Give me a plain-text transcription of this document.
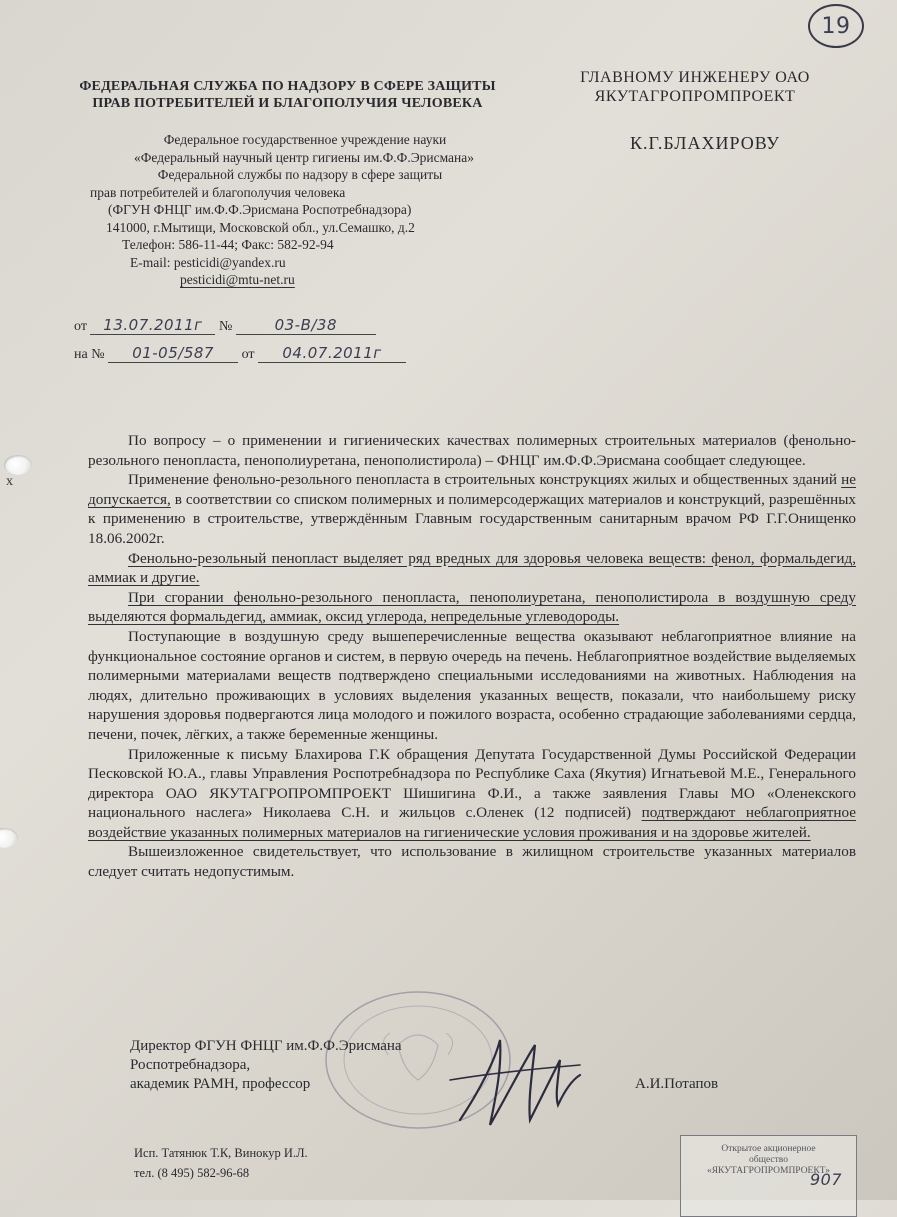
19
x
ФЕДЕРАЛЬНАЯ СЛУЖБА ПО НАДЗОРУ В СФЕРЕ ЗАЩИТЫ
ПРАВ ПОТРЕБИТЕЛЕЙ И БЛАГОПОЛУЧИЯ ЧЕЛОВЕКА
Федеральное государственное учреждение науки
«Федеральный научный центр гигиены им.Ф.Ф.Эрисмана»
Федеральной службы по надзору в сфере защиты
прав потребителей и благополучия человека
(ФГУН ФНЦГ им.Ф.Ф.Эрисмана Роспотребнадзора)
141000, г.Мытищи, Московской обл., ул.Семашко, д.2
Телефон: 586-11-44; Факс: 582-92-94
E-mail: pesticidi@yandex.ru
pesticidi@mtu-net.ru
ГЛАВНОМУ ИНЖЕНЕРУ ОАО
ЯКУТАГРОПРОМПРОЕКТ
К.Г.БЛАХИРОВУ
от 13.07.2011г №	03-В/38
на № 01-05/587 от 04.07.2011г

По вопросу – о применении и гигиенических качествах полимерных строительных материалов (фенольно-резольного пенопласта, пенополиуретана, пенополистирола) – ФНЦГ им.Ф.Ф.Эрисмана сообщает следующее.

Применение фенольно-резольного пенопласта в строительных конструкциях жилых и общественных зданий не допускается, в соответствии со списком полимерных и полимерсодержащих материалов и конструкций, разрешённых к применению в строительстве, утверждённым Главным государственным санитарным врачом РФ Г.Г.Онищенко 18.06.2002г.

Фенольно-резольный пенопласт выделяет ряд вредных для здоровья человека веществ: фенол, формальдегид, аммиак и другие.

При сгорании фенольно-резольного пенопласта, пенополиуретана, пенополистирола в воздушную среду выделяются формальдегид, аммиак, оксид углерода, непредельные углеводороды.

Поступающие в воздушную среду вышеперечисленные вещества оказывают неблагоприятное влияние на функциональное состояние органов и систем, в первую очередь на печень. Неблагоприятное воздействие выделяемых полимерными материалами веществ подтверждено специальными исследованиями на животных. Наблюдения на людях, длительно проживающих в условиях выделения указанных веществ, показали, что наибольшему риску нарушения здоровья подвергаются лица молодого и пожилого возраста, особенно страдающие заболеваниями сердца, печени, почек, лёгких, а также беременные женщины.

Приложенные к письму Блахирова Г.К обращения Депутата Государственной Думы Российской Федерации Песковской Ю.А., главы Управления Роспотребнадзора по Республике Саха (Якутия) Игнатьевой М.Е., Генерального директора ОАО ЯКУТАГРОПРОМПРОЕКТ Шишигина Ф.И., а также заявления Главы МО «Оленекского национального наслега» Николаева С.Н. и жильцов с.Оленек (12 подписей) подтверждают неблагоприятное воздействие указанных полимерных материалов на гигиенические условия проживания и на здоровье жителей.

Вышеизложенное свидетельствует, что использование в жилищном строительстве указанных материалов следует считать недопустимым.

Директор ФГУН ФНЦГ им.Ф.Ф.Эрисмана
Роспотребнадзора,
академик РАМН, профессор	А.И.Потапов
Исп. Татянюк Т.К, Винокур И.Л.
тел. (8 495) 582-96-68
Открытое акционерное
общество
«ЯКУТАГРОПРОМПРОЕКТ»
907
